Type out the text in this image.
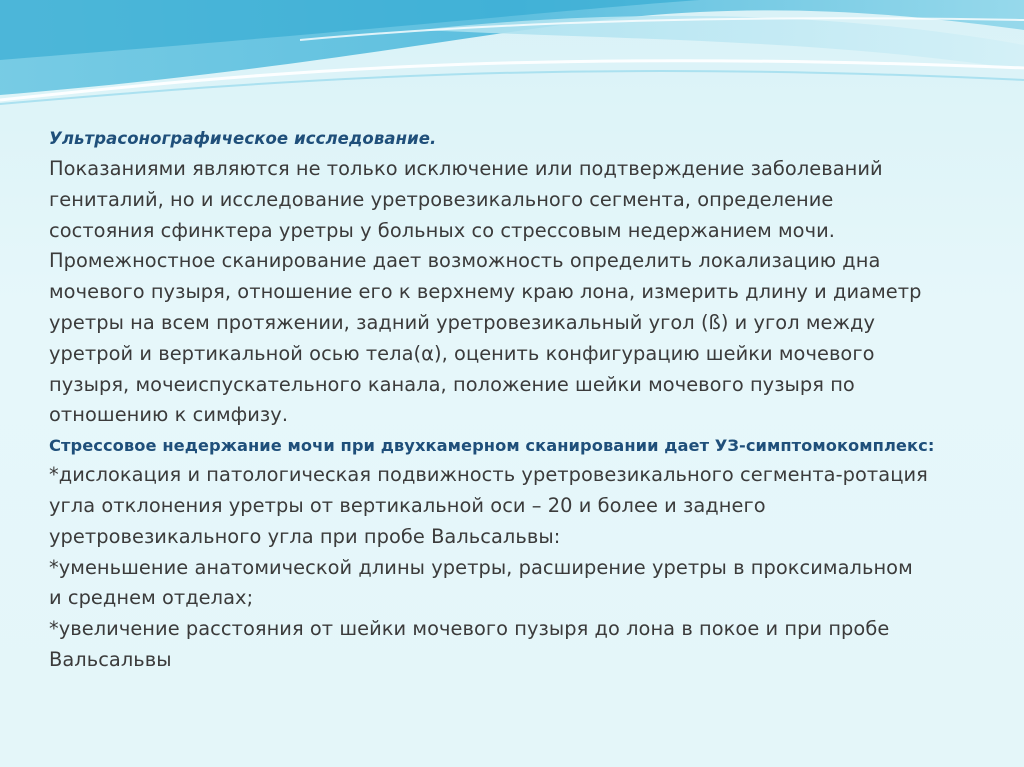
Ультрасонографическое исследование.

Показаниями являются не только исключение или подтверждение заболеваний
гениталий, но и исследование уретровезикального сегмента, определение
состояния сфинктера уретры у больных со стрессовым недержанием мочи.
Промежностное сканирование дает возможность определить локализацию дна
мочевого пузыря, отношение его к верхнему краю лона, измерить длину и диаметр
уретры на всем протяжении, задний уретровезикальный угол (ß) и угол между
уретрой и вертикальной осью тела(α), оценить конфигурацию шейки мочевого
пузыря, мочеиспускательного канала, положение шейки мочевого пузыря по
отношению к симфизу.
Стрессовое недержание мочи при двухкамерном сканировании дает УЗ-симптомокомплекс:
*дислокация и патологическая подвижность уретровезикального сегмента-ротация
угла отклонения уретры от вертикальной оси – 20 и более и заднего
уретровезикального угла при пробе Вальсальвы:
*уменьшение анатомической длины уретры, расширение уретры в проксимальном
и среднем отделах;
*увеличение расстояния от шейки мочевого пузыря до лона в покое и при пробе
Вальсальвы
